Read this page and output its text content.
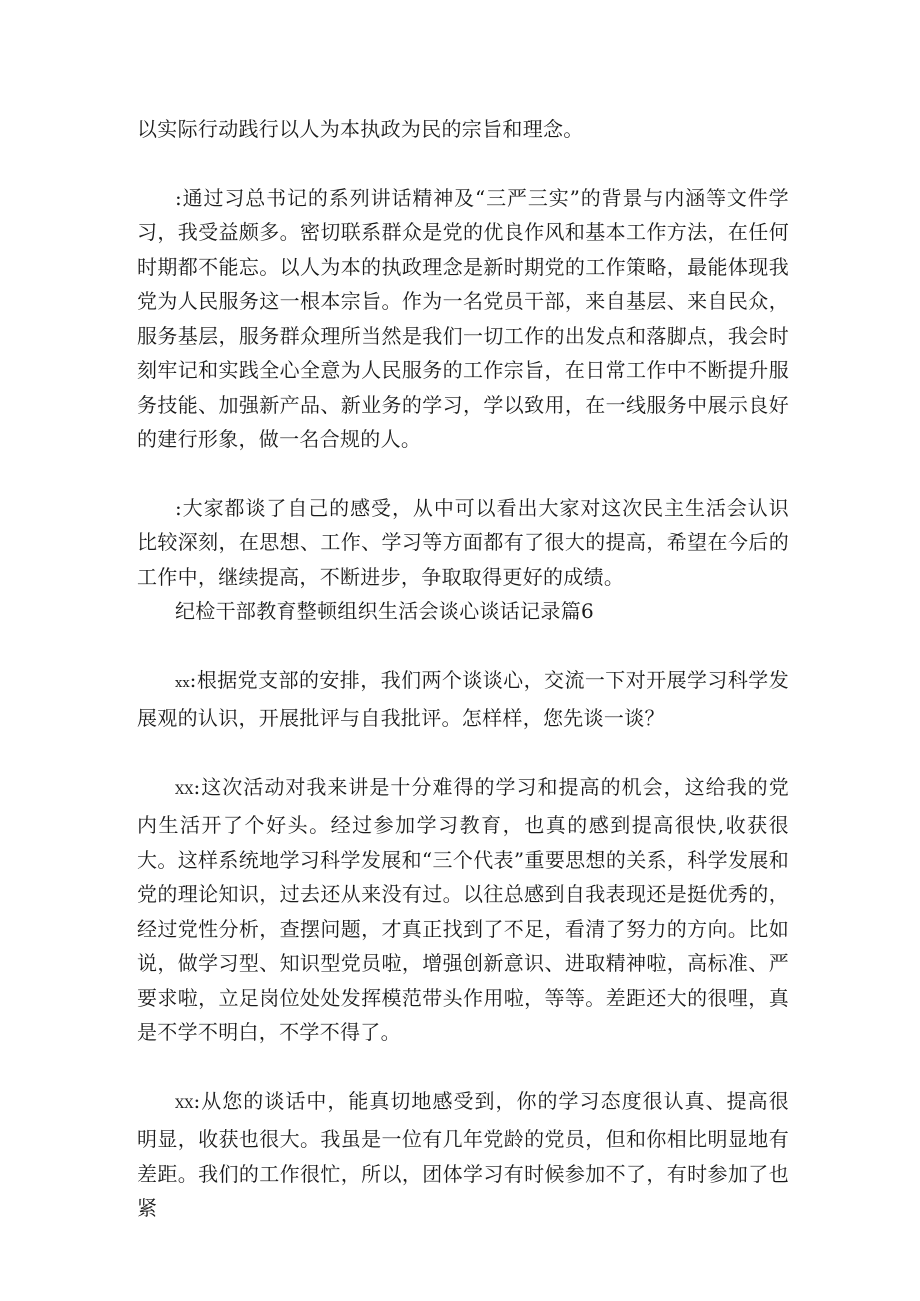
以实际行动践行以人为本执政为民的宗旨和理念。

:通过习总书记的系列讲话精神及“三严三实”的背景与内涵等文件学习，我受益颇多。密切联系群众是党的优良作风和基本工作方法，在任何时期都不能忘。以人为本的执政理念是新时期党的工作策略，最能体现我党为人民服务这一根本宗旨。作为一名党员干部，来自基层、来自民众，服务基层，服务群众理所当然是我们一切工作的出发点和落脚点，我会时刻牢记和实践全心全意为人民服务的工作宗旨，在日常工作中不断提升服务技能、加强新产品、新业务的学习，学以致用，在一线服务中展示良好的建行形象，做一名合规的人。

:大家都谈了自己的感受，从中可以看出大家对这次民主生活会认识比较深刻，在思想、工作、学习等方面都有了很大的提高，希望在今后的工作中，继续提高，不断进步，争取取得更好的成绩。

纪检干部教育整顿组织生活会谈心谈话记录篇6

xx:根据党支部的安排，我们两个谈谈心，交流一下对开展学习科学发展观的认识，开展批评与自我批评。怎样样，您先谈一谈？

XX:这次活动对我来讲是十分难得的学习和提高的机会，这给我的党内生活开了个好头。经过参加学习教育，也真的感到提高很快,收获很大。这样系统地学习科学发展和“三个代表”重要思想的关系，科学发展和党的理论知识，过去还从来没有过。以往总感到自我表现还是挺优秀的，经过党性分析，查摆问题，才真正找到了不足，看清了努力的方向。比如说，做学习型、知识型党员啦，增强创新意识、进取精神啦，高标准、严要求啦，立足岗位处处发挥模范带头作用啦，等等。差距还大的很哩，真是不学不明白，不学不得了。

XX:从您的谈话中，能真切地感受到，你的学习态度很认真、提高很明显，收获也很大。我虽是一位有几年党龄的党员，但和你相比明显地有差距。我们的工作很忙，所以，团体学习有时候参加不了，有时参加了也紧
